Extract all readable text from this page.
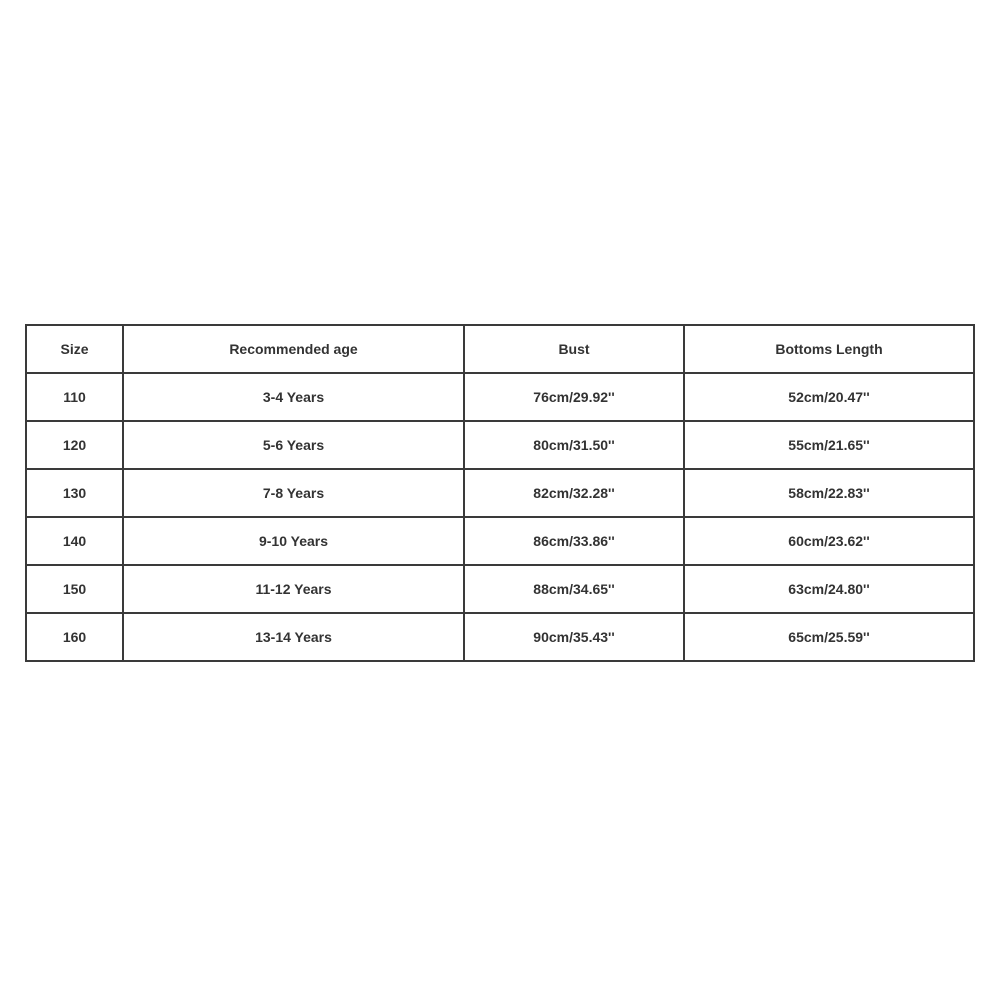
Size	Recommended age	Bust	Bottoms Length
110	3-4 Years	76cm/29.92''	52cm/20.47''
120	5-6 Years	80cm/31.50''	55cm/21.65''
130	7-8 Years	82cm/32.28''	58cm/22.83''
140	9-10 Years	86cm/33.86''	60cm/23.62''
150	11-12 Years	88cm/34.65''	63cm/24.80''
160	13-14 Years	90cm/35.43''	65cm/25.59''
